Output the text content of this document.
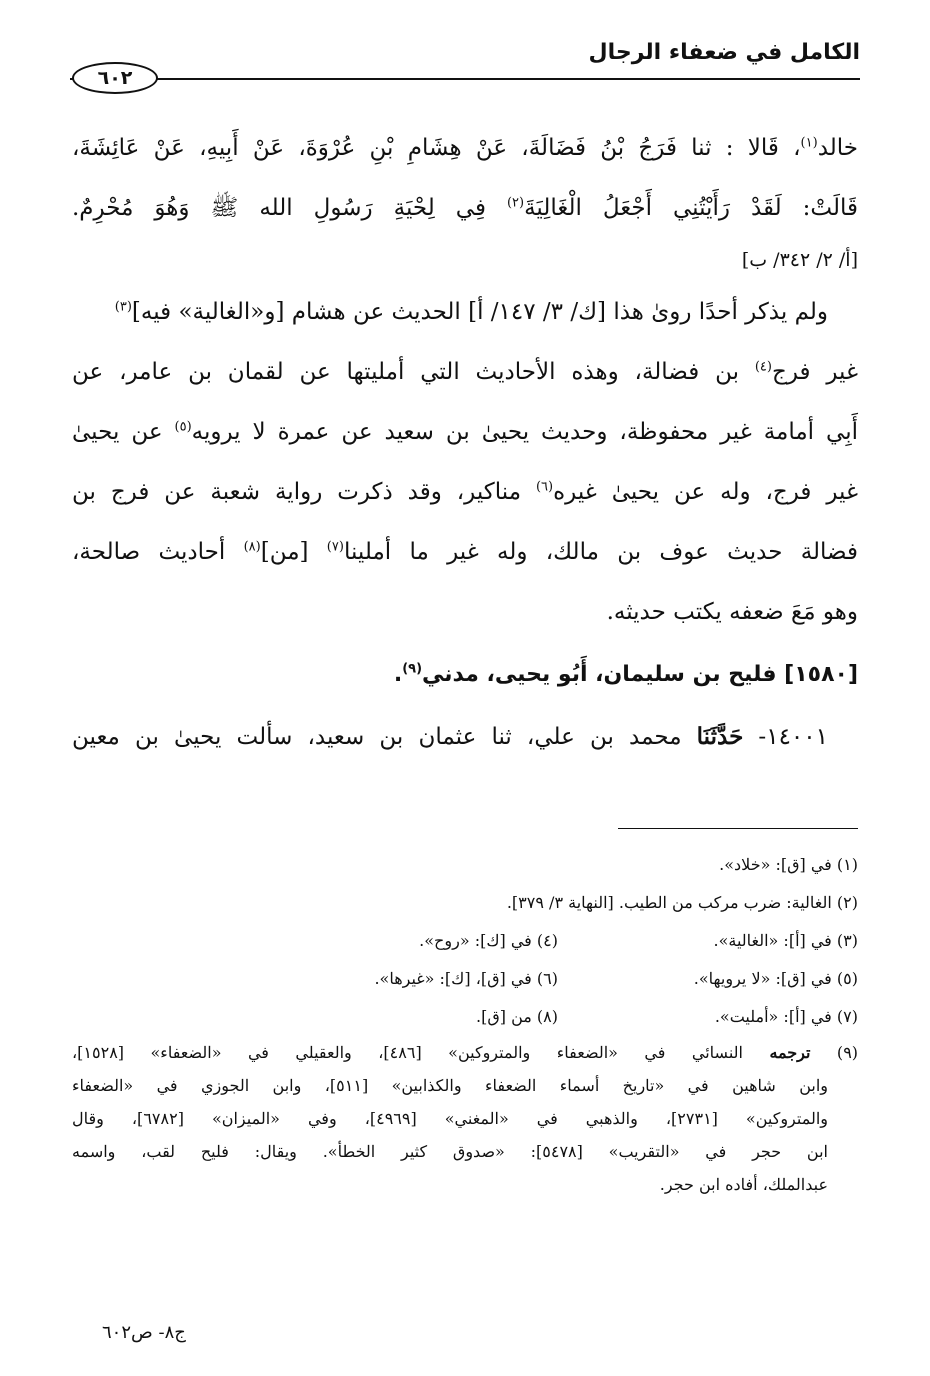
الكامل في ضعفاء الرجال
٦٠٢
خالد$^{(١)}$، قَالا : ثنا فَرَجُ بْنُ فَضَالَةَ، عَنْ هِشَامِ بْنِ عُرْوَةَ، عَنْ أَبِيهِ، عَنْ عَائِشَةَ،
قَالَتْ: لَقَدْ رَأَيْتُنِي أَجْعَلُ الْغَالِيَةَ$^{(٢)}$ فِي لِحْيَةِ رَسُولِ الله ﷺ وَهُوَ مُحْرِمٌ.
[أ/ ٢/ ٣٤٢/ ب]
ولم يذكر أحدًا روىٰ هذا [ك/ ٣/ ١٤٧/ أ] الحديث عن هشام [و«الغالية» فيه]$^{(٣)}$
غير فرج$^{(٤)}$ بن فضالة، وهذه الأحاديث التي أمليتها عن لقمان بن عامر، عن
أَبِي أمامة غير محفوظة، وحديث يحيىٰ بن سعيد عن عمرة لا يرويه$^{(٥)}$ عن يحيىٰ
غير فرج، وله عن يحيىٰ غيره$^{(٦)}$ مناكير، وقد ذكرت رواية شعبة عن فرج بن
فضالة حديث عوف بن مالك، وله غير ما أملينا$^{(٧)}$ [من]$^{(٨)}$ أحاديث صالحة،
وهو مَعَ ضعفه يكتب حديثه.
[١٥٨٠] فليح بن سليمان، أَبُو يحيى، مدني$^{(٩)}$.
١٤٠٠١- حَدَّثَنَا محمد بن علي، ثنا عثمان بن سعيد، سألت يحيىٰ بن معين
(١) في [ق]: «خلاد».
(٢) الغالية: ضرب مركب من الطيب. [النهاية ٣/ ٣٧٩].
(٣) في [أ]: «الغالية».
(٤) في [ك]: «روح».
(٥) في [ق]: «لا يرويها».
(٦) في [ق]، [ك]: «غيرها».
(٧) في [أ]: «أمليت».
(٨) من [ق].
(٩) ترجمه النسائي في «الضعفاء والمتروكين» [٤٨٦]، والعقيلي في «الضعفاء» [١٥٢٨]،
وابن شاهين في «تاريخ أسماء الضعفاء والكذابين» [٥١١]، وابن الجوزي في «الضعفاء
والمتروكين» [٢٧٣١]، والذهبي في «المغني» [٤٩٦٩]، وفي «الميزان» [٦٧٨٢]، وقال
ابن حجر في «التقريب» [٥٤٧٨]: «صدوق كثير الخطأ». ويقال: فليح لقب، واسمه
عبدالملك، أفاده ابن حجر.
ج٨- ص٦٠٢
